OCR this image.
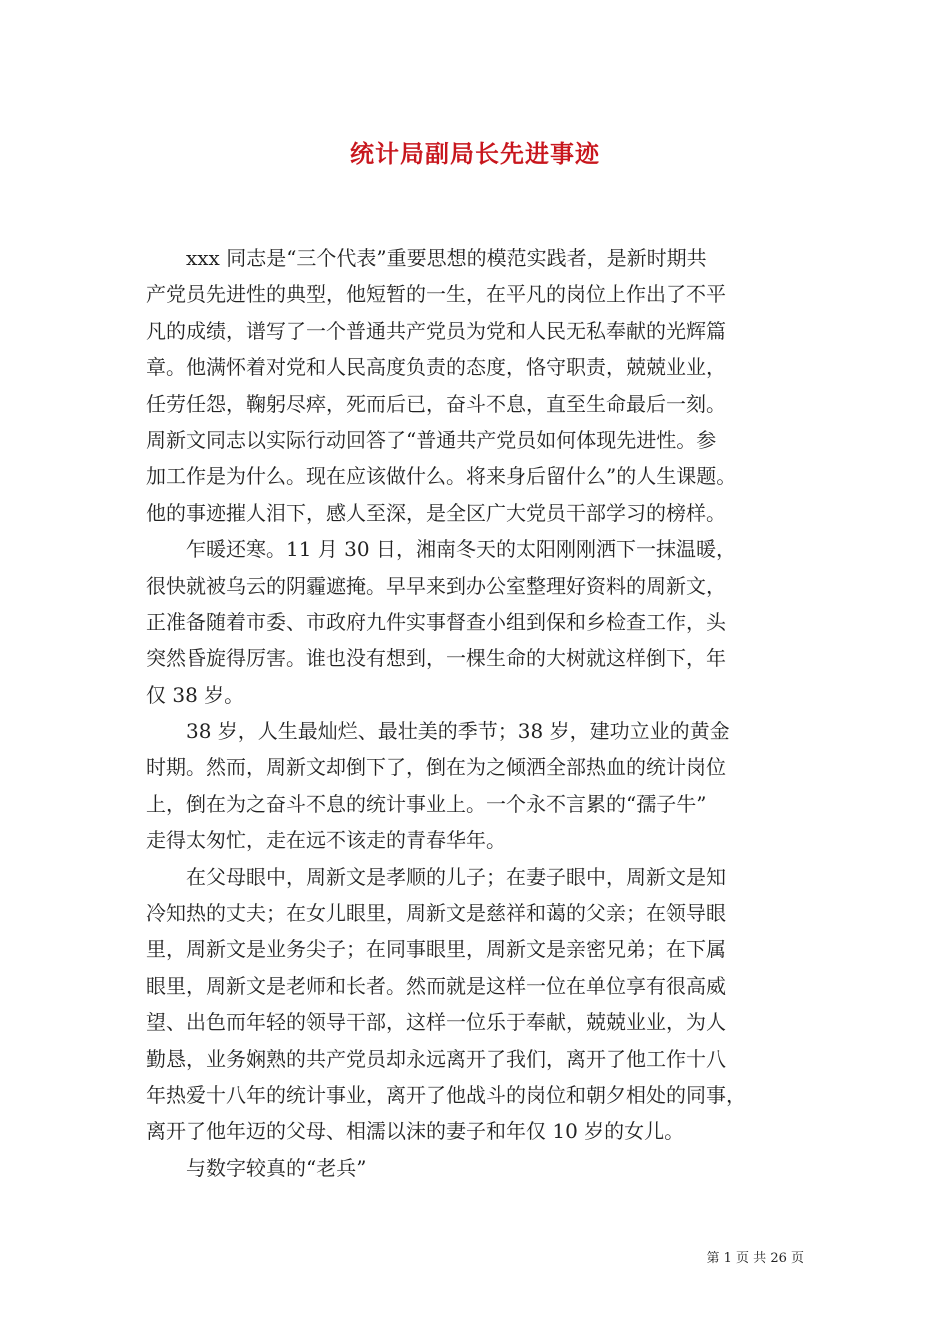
统计局副局长先进事迹
xxx 同志是“三个代表”重要思想的模范实践者，是新时期共
产党员先进性的典型，他短暂的一生，在平凡的岗位上作出了不平
凡的成绩，谱写了一个普通共产党员为党和人民无私奉献的光辉篇
章。他满怀着对党和人民高度负责的态度，恪守职责，兢兢业业，
任劳任怨，鞠躬尽瘁，死而后已，奋斗不息，直至生命最后一刻。
周新文同志以实际行动回答了“普通共产党员如何体现先进性。参
加工作是为什么。现在应该做什么。将来身后留什么”的人生课题。
他的事迹摧人泪下，感人至深，是全区广大党员干部学习的榜样。
乍暖还寒。11 月 30 日，湘南冬天的太阳刚刚洒下一抹温暖，
很快就被乌云的阴霾遮掩。早早来到办公室整理好资料的周新文，
正准备随着市委、市政府九件实事督查小组到保和乡检查工作，头
突然昏旋得厉害。谁也没有想到，一棵生命的大树就这样倒下，年
仅 38 岁。
38 岁，人生最灿烂、最壮美的季节；38 岁，建功立业的黄金
时期。然而，周新文却倒下了，倒在为之倾洒全部热血的统计岗位
上，倒在为之奋斗不息的统计事业上。一个永不言累的“孺子牛”
走得太匆忙，走在远不该走的青春华年。
在父母眼中，周新文是孝顺的儿子；在妻子眼中，周新文是知
冷知热的丈夫；在女儿眼里，周新文是慈祥和蔼的父亲；在领导眼
里，周新文是业务尖子；在同事眼里，周新文是亲密兄弟；在下属
眼里，周新文是老师和长者。然而就是这样一位在单位享有很高威
望、出色而年轻的领导干部，这样一位乐于奉献，兢兢业业，为人
勤恳，业务娴熟的共产党员却永远离开了我们，离开了他工作十八
年热爱十八年的统计事业，离开了他战斗的岗位和朝夕相处的同事，
离开了他年迈的父母、相濡以沫的妻子和年仅 10 岁的女儿。
与数字较真的“老兵”
第 1 页 共 26 页
